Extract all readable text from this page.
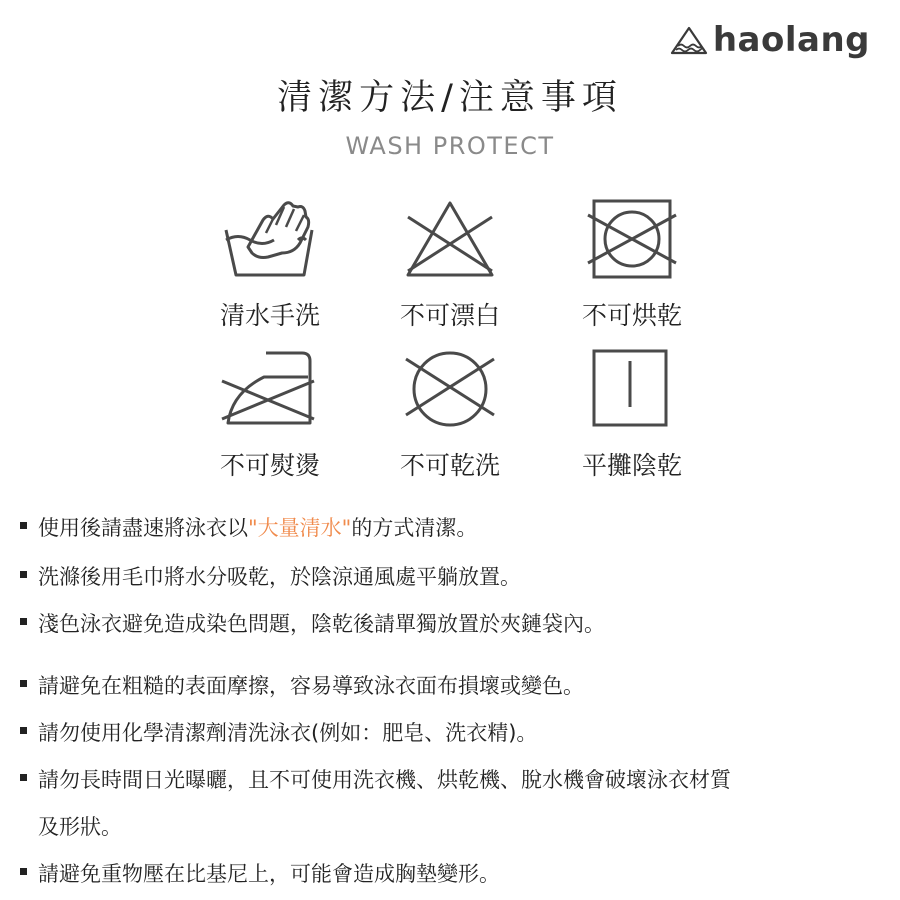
haolang
清潔方法/注意事項
WASH PROTECT
清水手洗	不可漂白	不可烘乾
不可熨燙	不可乾洗	平攤陰乾
使用後請盡速將泳衣以"大量清水"的方式清潔。
洗滌後用毛巾將水分吸乾，於陰涼通風處平躺放置。
淺色泳衣避免造成染色問題，陰乾後請單獨放置於夾鏈袋內。
請避免在粗糙的表面摩擦，容易導致泳衣面布損壞或變色。
請勿使用化學清潔劑清洗泳衣(例如：肥皂、洗衣精)。
請勿長時間日光曝曬，且不可使用洗衣機、烘乾機、脫水機會破壞泳衣材質
及形狀。
請避免重物壓在比基尼上，可能會造成胸墊變形。
